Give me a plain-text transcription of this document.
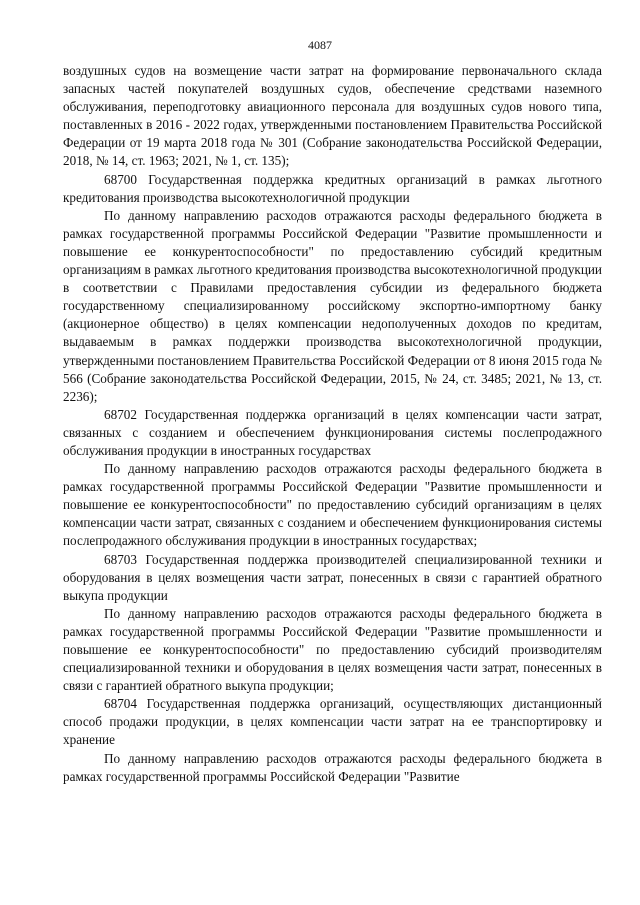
4087

воздушных судов на возмещение части затрат на формирование первоначального склада запасных частей покупателей воздушных судов, обеспечение средствами наземного обслуживания, переподготовку авиационного персонала для воздушных судов нового типа, поставленных в 2016 - 2022 годах, утвержденными постановлением Правительства Российской Федерации от 19 марта 2018 года № 301 (Собрание законодательства Российской Федерации, 2018, № 14, ст. 1963; 2021, № 1, ст. 135);

68700 Государственная поддержка кредитных организаций в рамках льготного кредитования производства высокотехнологичной продукции

По данному направлению расходов отражаются расходы федерального бюджета в рамках государственной программы Российской Федерации "Развитие промышленности и повышение ее конкурентоспособности" по предоставлению субсидий кредитным организациям в рамках льготного кредитования производства высокотехнологичной продукции в соответствии с Правилами предоставления субсидии из федерального бюджета государственному специализированному российскому экспортно-импортному банку (акционерное общество) в целях компенсации недополученных доходов по кредитам, выдаваемым в рамках поддержки производства высокотехнологичной продукции, утвержденными постановлением Правительства Российской Федерации от 8 июня 2015 года № 566 (Собрание законодательства Российской Федерации, 2015, № 24, ст. 3485; 2021, № 13, ст. 2236);

68702 Государственная поддержка организаций в целях компенсации части затрат, связанных с созданием и обеспечением функционирования системы послепродажного обслуживания продукции в иностранных государствах

По данному направлению расходов отражаются расходы федерального бюджета в рамках государственной программы Российской Федерации "Развитие промышленности и повышение ее конкурентоспособности" по предоставлению субсидий организациям в целях компенсации части затрат, связанных с созданием и обеспечением функционирования системы послепродажного обслуживания продукции в иностранных государствах;

68703 Государственная поддержка производителей специализированной техники и оборудования в целях возмещения части затрат, понесенных в связи с гарантией обратного выкупа продукции

По данному направлению расходов отражаются расходы федерального бюджета в рамках государственной программы Российской Федерации "Развитие промышленности и повышение ее конкурентоспособности" по предоставлению субсидий производителям специализированной техники и оборудования в целях возмещения части затрат, понесенных в связи с гарантией обратного выкупа продукции;

68704 Государственная поддержка организаций, осуществляющих дистанционный способ продажи продукции, в целях компенсации части затрат на ее транспортировку и хранение

По данному направлению расходов отражаются расходы федерального бюджета в рамках государственной программы Российской Федерации "Развитие
